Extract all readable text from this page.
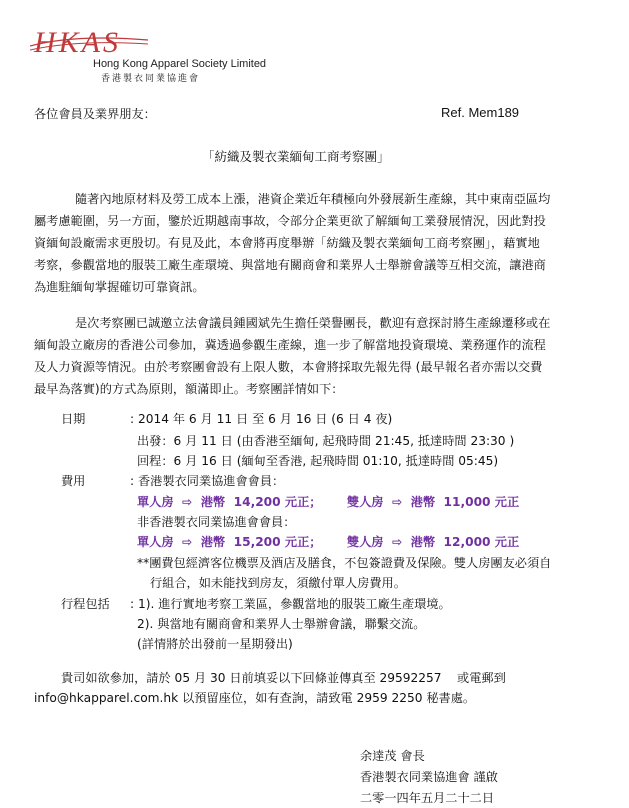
HKAS
Hong Kong Apparel Society Limited
香港製衣同業協進會
各位會員及業界朋友：	Ref. Mem189
「紡織及製衣業緬甸工商考察團」
隨著內地原材料及勞工成本上漲，港資企業近年積極向外發展新生產線，其中東南亞區均
屬考慮範圍，另一方面，鑒於近期越南事故，令部分企業更欲了解緬甸工業發展情況，因此對投
資緬甸設廠需求更殷切。有見及此，本會將再度舉辦「紡織及製衣業緬甸工商考察團」，藉實地
考察，參觀當地的服裝工廠生產環境、與當地有關商會和業界人士舉辦會議等互相交流，讓港商
為進駐緬甸掌握確切可靠資訊。
是次考察團已誠邀立法會議員鍾國斌先生擔任榮譽團長，歡迎有意探討將生產線遷移或在
緬甸設立廠房的香港公司參加，冀透過參觀生產線，進一步了解當地投資環境、業務運作的流程
及人力資源等情況。由於考察團會設有上限人數，本會將採取先報先得 (最早報名者亦需以交費
最早為落實)的方式為原則，額滿即止。考察團詳情如下：
日期	: 2014 年 6 月 11 日 至 6 月 16 日 (6 日 4 夜)
出發：6 月 11 日 (由香港至緬甸, 起飛時間 21:45, 抵達時間 23:30 )
回程：6 月 16 日 (緬甸至香港, 起飛時間 01:10, 抵達時間 05:45)
費用	: 香港製衣同業協進會會員：
單人房  ⇨  港幣  14,200 元正；      雙人房  ⇨  港幣  11,000 元正
非香港製衣同業協進會會員：
單人房  ⇨  港幣  15,200 元正；      雙人房  ⇨  港幣  12,000 元正
**團費包經濟客位機票及酒店及膳食，不包簽證費及保險。雙人房團友必須自
行組合，如未能找到房友，須繳付單人房費用。
行程包括 : 1). 進行實地考察工業區，參觀當地的服裝工廠生產環境。
2). 與當地有關商會和業界人士舉辦會議，聯繫交流。
(詳情將於出發前一星期發出)
貴司如欲參加，請於 05 月 30 日前填妥以下回條並傳真至 29592257    或電郵到
info@hkapparel.com.hk 以預留座位，如有查詢，請致電 2959 2250 秘書處。
余達茂 會長
香港製衣同業協進會 謹啟
二零一四年五月二十二日
